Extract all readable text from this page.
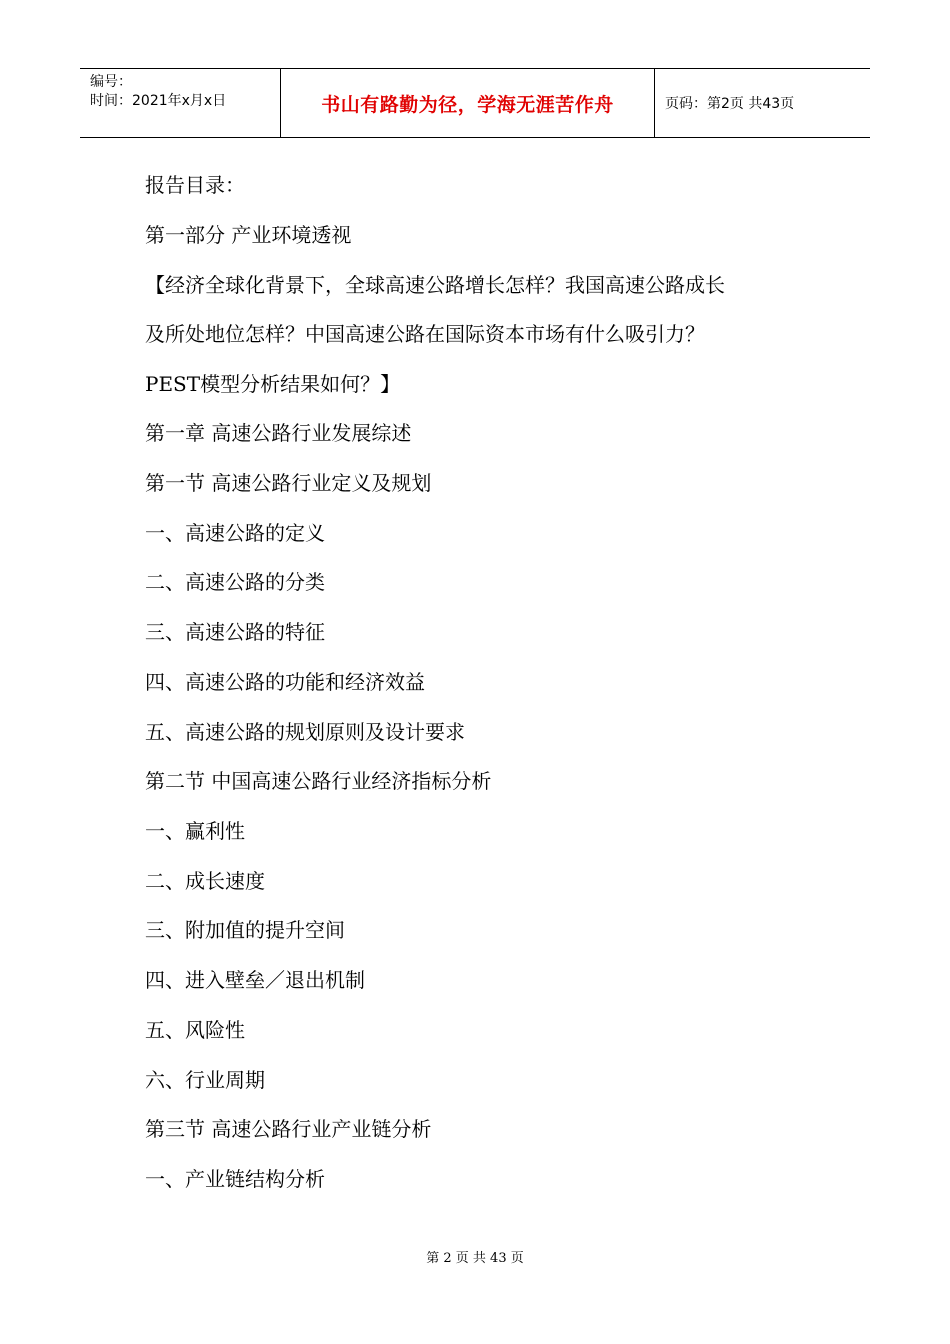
编号：
时间：2021年x月x日	书山有路勤为径，学海无涯苦作舟	页码：第2页 共43页
报告目录：
第一部分 产业环境透视
【经济全球化背景下，全球高速公路增长怎样？我国高速公路成长
及所处地位怎样？中国高速公路在国际资本市场有什么吸引力？
PEST模型分析结果如何？】
第一章 高速公路行业发展综述
第一节 高速公路行业定义及规划
一、高速公路的定义
二、高速公路的分类
三、高速公路的特征
四、高速公路的功能和经济效益
五、高速公路的规划原则及设计要求
第二节 中国高速公路行业经济指标分析
一、赢利性
二、成长速度
三、附加值的提升空间
四、进入壁垒／退出机制
五、风险性
六、行业周期
第三节 高速公路行业产业链分析
一、产业链结构分析
第 2 页 共 43 页
